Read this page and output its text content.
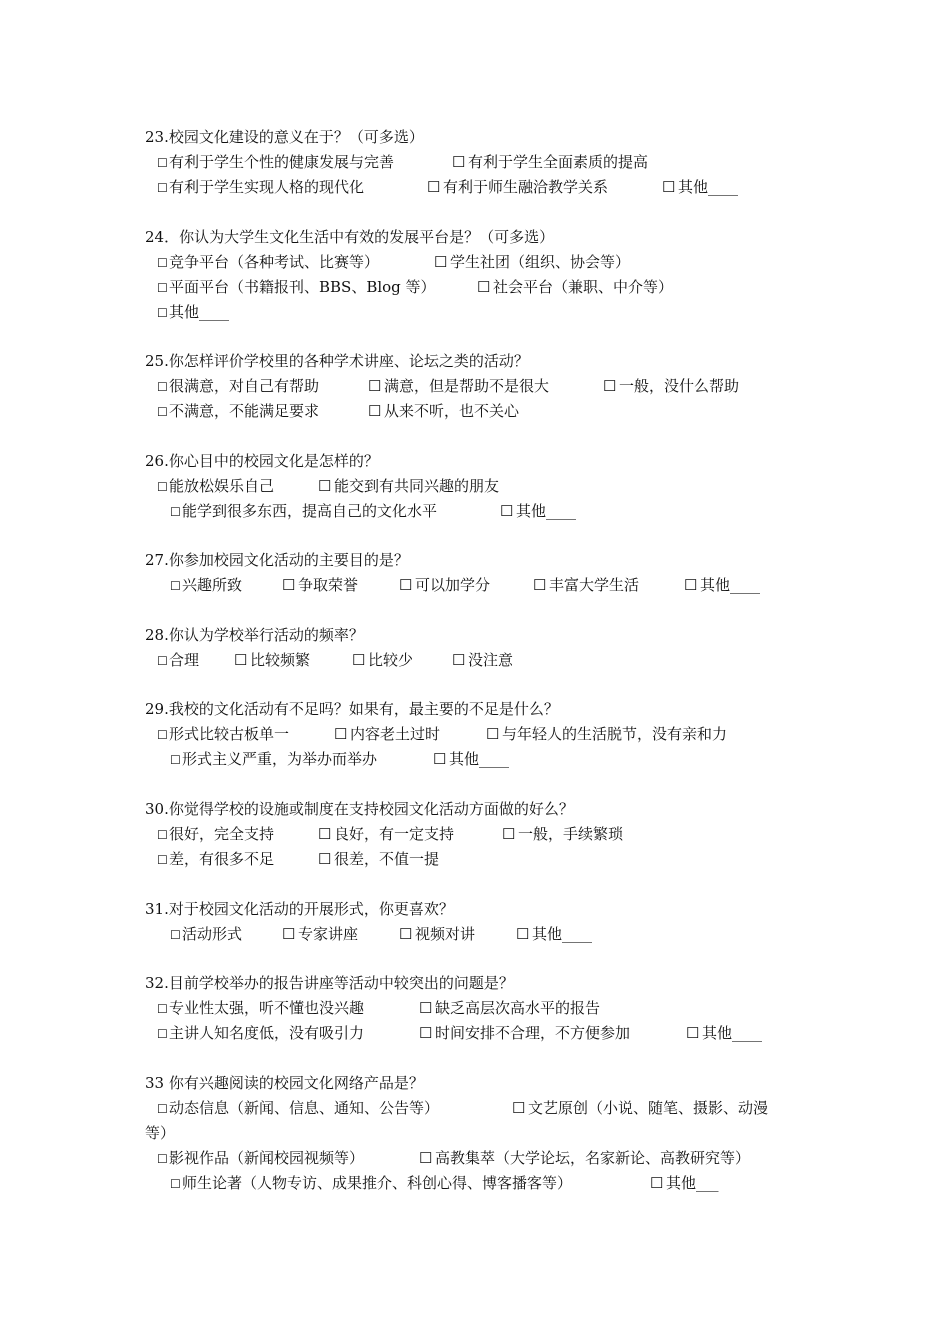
23.校园文化建设的意义在于？（可多选）
☐有利于学生个性的健康发展与完善	☐ 有利于学生全面素质的提高
☐有利于学生实现人格的现代化	☐ 有利于师生融洽教学关系	☐ 其他____
24．你认为大学生文化生活中有效的发展平台是？（可多选）
☐竞争平台（各种考试、比赛等）	☐ 学生社团（组织、协会等）
☐平面平台（书籍报刊、BBS、Blog 等）	☐ 社会平台（兼职、中介等）
☐其他____
25.你怎样评价学校里的各种学术讲座、论坛之类的活动？
☐很满意，对自己有帮助	☐ 满意，但是帮助不是很大	☐ 一般，没什么帮助
☐不满意，不能满足要求	☐ 从来不听，也不关心
26.你心目中的校园文化是怎样的？
☐能放松娱乐自己	☐ 能交到有共同兴趣的朋友
☐能学到很多东西，提高自己的文化水平	☐ 其他____
27.你参加校园文化活动的主要目的是？
☐兴趣所致	☐ 争取荣誉	☐ 可以加学分	☐ 丰富大学生活	☐ 其他____
28.你认为学校举行活动的频率？
☐合理 ☐ 比较频繁	☐ 比较少	☐ 没注意
29.我校的文化活动有不足吗？如果有，最主要的不足是什么？
☐形式比较古板单一	☐ 内容老土过时	☐ 与年轻人的生活脱节，没有亲和力
☐形式主义严重，为举办而举办	☐ 其他____
30.你觉得学校的设施或制度在支持校园文化活动方面做的好么？
☐很好，完全支持	☐ 良好，有一定支持	☐ 一般，手续繁琐
☐差，有很多不足	☐ 很差，不值一提
31.对于校园文化活动的开展形式，你更喜欢？
☐活动形式	☐ 专家讲座	☐ 视频对讲	☐ 其他____
32.目前学校举办的报告讲座等活动中较突出的问题是？
☐专业性太强，听不懂也没兴趣	☐ 缺乏高层次高水平的报告
☐主讲人知名度低，没有吸引力	☐ 时间安排不合理，不方便参加	☐ 其他____
33 你有兴趣阅读的校园文化网络产品是？
☐动态信息（新闻、信息、通知、公告等）	☐ 文艺原创（小说、随笔、摄影、动漫
等）
☐影视作品（新闻校园视频等）	☐ 高教集萃（大学论坛，名家新论、高教研究等）
☐师生论著（人物专访、成果推介、科创心得、博客播客等）	☐ 其他___
